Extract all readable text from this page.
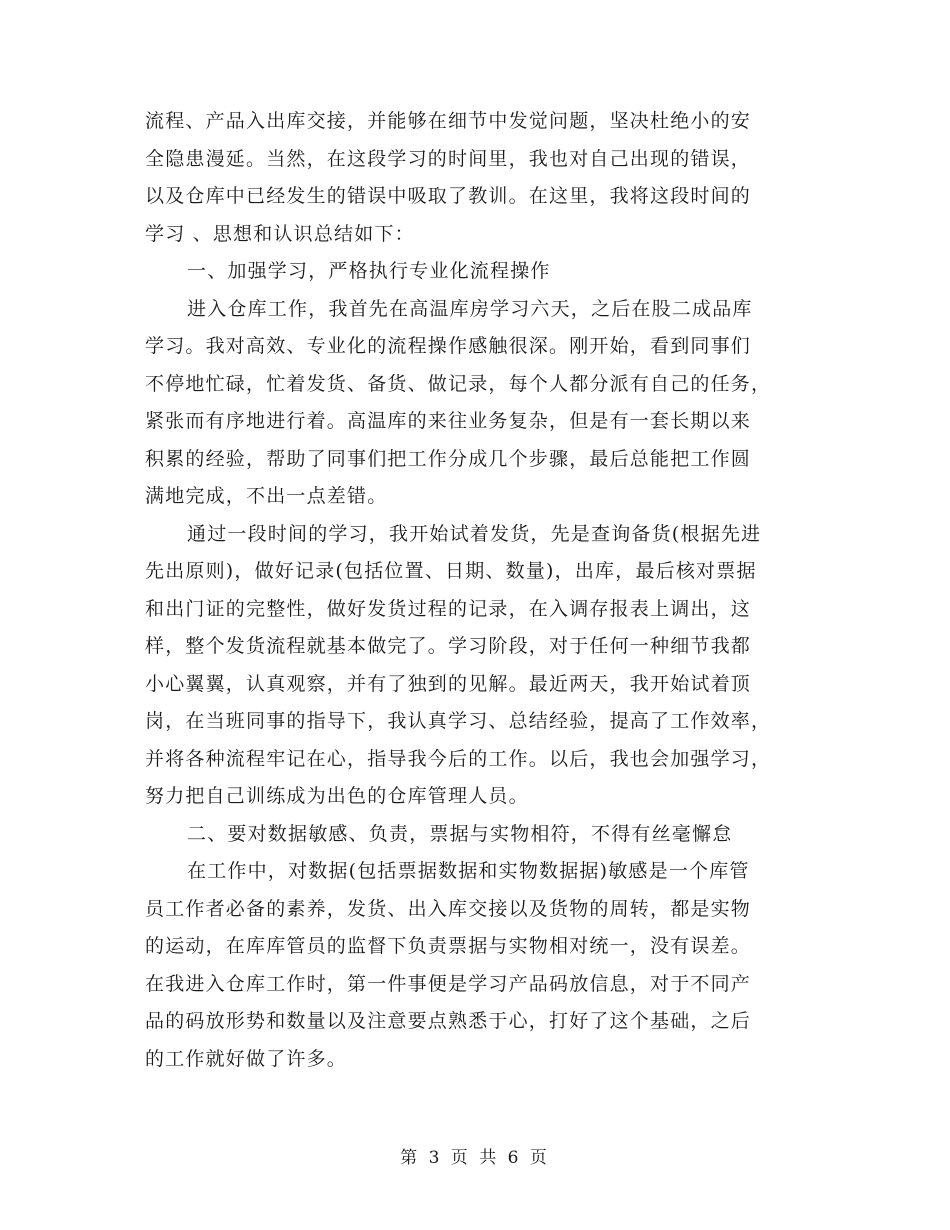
流程、产品入出库交接，并能够在细节中发觉问题，坚决杜绝小的安
全隐患漫延。当然，在这段学习的时间里，我也对自己出现的错误，
以及仓库中已经发生的错误中吸取了教训。在这里，我将这段时间的
学习 、思想和认识总结如下：
一、加强学习，严格执行专业化流程操作
进入仓库工作，我首先在高温库房学习六天，之后在股二成品库
学习。我对高效、专业化的流程操作感触很深。刚开始，看到同事们
不停地忙碌，忙着发货、备货、做记录，每个人都分派有自己的任务，
紧张而有序地进行着。高温库的来往业务复杂，但是有一套长期以来
积累的经验，帮助了同事们把工作分成几个步骤，最后总能把工作圆
满地完成，不出一点差错。
通过一段时间的学习，我开始试着发货，先是查询备货(根据先进
先出原则)，做好记录(包括位置、日期、数量)，出库，最后核对票据
和出门证的完整性，做好发货过程的记录，在入调存报表上调出，这
样，整个发货流程就基本做完了。学习阶段，对于任何一种细节我都
小心翼翼，认真观察，并有了独到的见解。最近两天，我开始试着顶
岗，在当班同事的指导下，我认真学习、总结经验，提高了工作效率，
并将各种流程牢记在心，指导我今后的工作。以后，我也会加强学习，
努力把自己训练成为出色的仓库管理人员。
二、要对数据敏感、负责，票据与实物相符，不得有丝毫懈怠
在工作中，对数据(包括票据数据和实物数据据)敏感是一个库管
员工作者必备的素养，发货、出入库交接以及货物的周转，都是实物
的运动，在库库管员的监督下负责票据与实物相对统一，没有误差。
在我进入仓库工作时，第一件事便是学习产品码放信息，对于不同产
品的码放形势和数量以及注意要点熟悉于心，打好了这个基础，之后
的工作就好做了许多。
第 3 页 共 6 页
